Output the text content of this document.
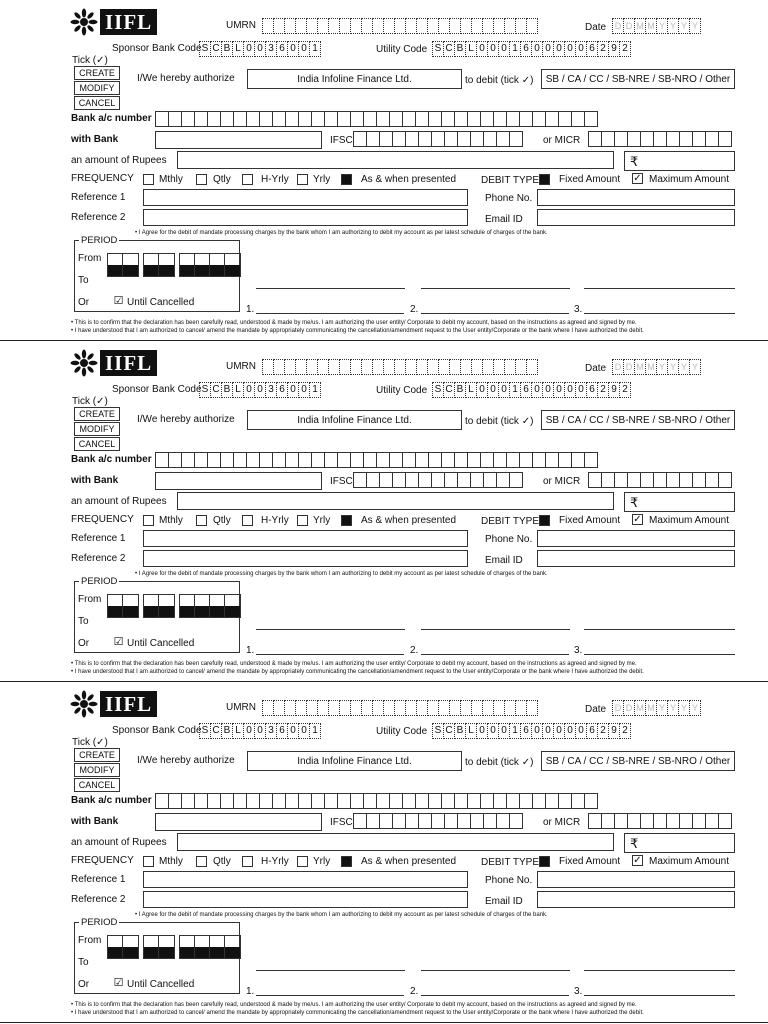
IIFL	UMRN	Date D D M M Y Y Y Y
Sponsor Bank Code S C B L 0 0 3 6 0 0 1	Utility Code S C B L 0 0 0 1 6 0 0 0 0 0 6 2 9 2
Tick (✓)
CREATE
MODIFY
CANCEL
I/We hereby authorize	India Infoline Finance Ltd.	to debit (tick ✓)	SB / CA / CC / SB-NRE / SB-NRO / Other
Bank a/c number
with Bank	IFSC	or MICR
an amount of Rupees	₹
FREQUENCY	Mthly	Qtly	H-Yrly Yrly	As & when presented DEBIT TYPE Fixed Amount ✓ Maximum Amount
Reference 1	Phone No.
Reference 2	Email ID
• I Agree for the debit of mandate processing charges by the bank whom I am authorizing to debit my account as per latest schedule of charges of the bank.
PERIOD
From
To
Or ☑ Until Cancelled
1.	2.	3.
• This is to confirm that the declaration has been carefully read, understood & made by me/us. I am authorizing the user entity/ Corporate to debit my account, based on the instructions as agreed and signed by me.
• I have understood that I am authorized to cancel/ amend the mandate by appropriately communicating the cancellation/amendment request to the User entity/Corporate or the bank where I have authorized the debit.
IIFL	UMRN	Date D D M M Y Y Y Y
Sponsor Bank Code S C B L 0 0 3 6 0 0 1	Utility Code S C B L 0 0 0 1 6 0 0 0 0 0 6 2 9 2
Tick (✓)
CREATE
MODIFY
CANCEL
I/We hereby authorize	India Infoline Finance Ltd.	to debit (tick ✓)	SB / CA / CC / SB-NRE / SB-NRO / Other
Bank a/c number
with Bank	IFSC	or MICR
an amount of Rupees	₹
FREQUENCY	Mthly	Qtly	H-Yrly Yrly	As & when presented DEBIT TYPE Fixed Amount ✓ Maximum Amount
Reference 1	Phone No.
Reference 2	Email ID
• I Agree for the debit of mandate processing charges by the bank whom I am authorizing to debit my account as per latest schedule of charges of the bank.
PERIOD
From
To
Or ☑ Until Cancelled
1.	2.	3.
• This is to confirm that the declaration has been carefully read, understood & made by me/us. I am authorizing the user entity/ Corporate to debit my account, based on the instructions as agreed and signed by me.
• I have understood that I am authorized to cancel/ amend the mandate by appropriately communicating the cancellation/amendment request to the User entity/Corporate or the bank where I have authorized the debit.
IIFL	UMRN	Date D D M M Y Y Y Y
Sponsor Bank Code S C B L 0 0 3 6 0 0 1	Utility Code S C B L 0 0 0 1 6 0 0 0 0 0 6 2 9 2
Tick (✓)
CREATE
MODIFY
CANCEL
I/We hereby authorize	India Infoline Finance Ltd.	to debit (tick ✓)	SB / CA / CC / SB-NRE / SB-NRO / Other
Bank a/c number
with Bank	IFSC	or MICR
an amount of Rupees	₹
FREQUENCY	Mthly	Qtly	H-Yrly Yrly	As & when presented DEBIT TYPE Fixed Amount ✓ Maximum Amount
Reference 1	Phone No.
Reference 2	Email ID
• I Agree for the debit of mandate processing charges by the bank whom I am authorizing to debit my account as per latest schedule of charges of the bank.
PERIOD
From
To
Or ☑ Until Cancelled
1.	2.	3.
• This is to confirm that the declaration has been carefully read, understood & made by me/us. I am authorizing the user entity/ Corporate to debit my account, based on the instructions as agreed and signed by me.
• I have understood that I am authorized to cancel/ amend the mandate by appropriately communicating the cancellation/amendment request to the User entity/Corporate or the bank where I have authorized the debit.
